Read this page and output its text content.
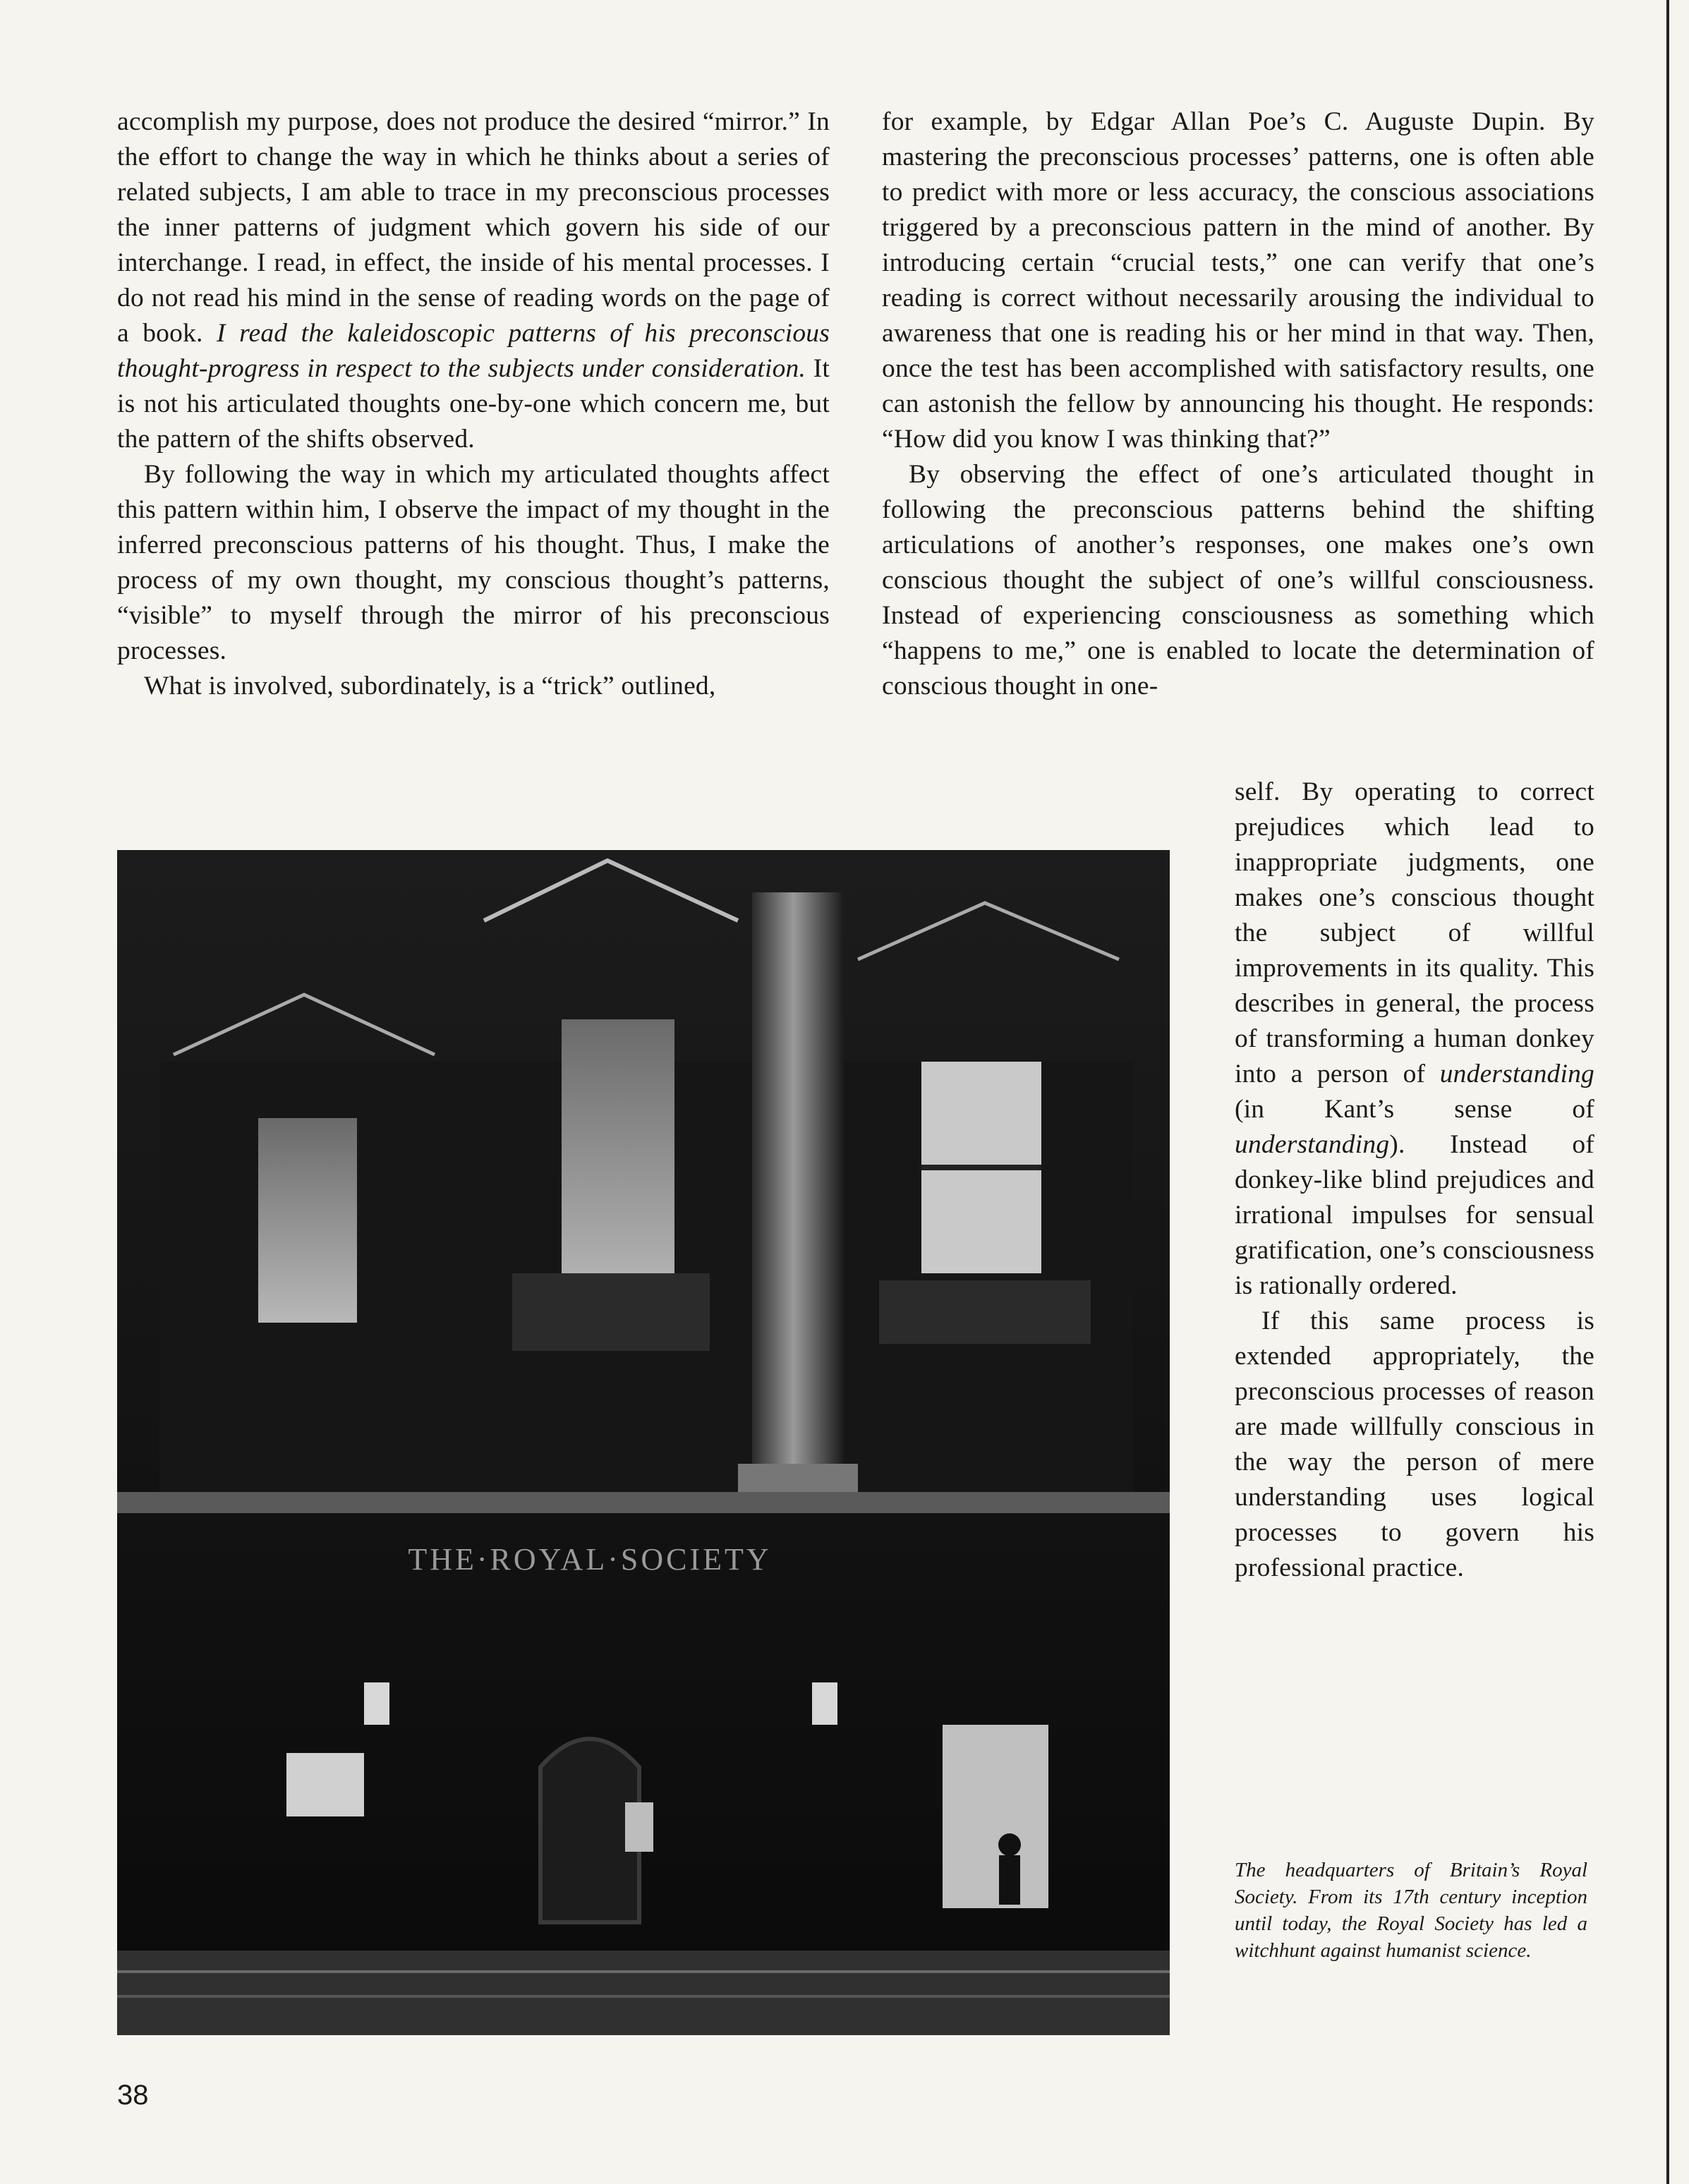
accomplish my purpose, does not produce the desired “mirror.” In the effort to change the way in which he thinks about a series of related subjects, I am able to trace in my preconscious processes the inner patterns of judgment which govern his side of our interchange. I read, in effect, the inside of his mental processes. I do not read his mind in the sense of reading words on the page of a book. I read the kaleidoscopic patterns of his preconscious thought-progress in respect to the subjects under consideration. It is not his articulated thoughts one-by-one which concern me, but the pattern of the shifts observed.

By following the way in which my articulated thoughts affect this pattern within him, I observe the impact of my thought in the inferred preconscious patterns of his thought. Thus, I make the process of my own thought, my conscious thought’s patterns, “visible” to myself through the mirror of his preconscious processes.

What is involved, subordinately, is a “trick” outlined,

for example, by Edgar Allan Poe’s C. Auguste Dupin. By mastering the preconscious processes’ patterns, one is often able to predict with more or less accuracy, the conscious associations triggered by a preconscious pattern in the mind of another. By introducing certain “crucial tests,” one can verify that one’s reading is correct without necessarily arousing the individual to awareness that one is reading his or her mind in that way. Then, once the test has been accomplished with satisfactory results, one can astonish the fellow by announcing his thought. He responds: “How did you know I was thinking that?”

By observing the effect of one’s articulated thought in following the preconscious patterns behind the shifting articulations of another’s responses, one makes one’s own conscious thought the subject of one’s willful consciousness. Instead of experiencing consciousness as something which “happens to me,” one is enabled to locate the determination of conscious thought in one-

self. By operating to correct prejudices which lead to inappropriate judgments, one makes one’s conscious thought the subject of willful improvements in its quality. This describes in general, the process of transforming a human donkey into a person of understanding (in Kant’s sense of understanding). Instead of donkey-like blind prejudices and irrational impulses for sensual gratification, one’s consciousness is rationally ordered.

If this same process is extended appropriately, the preconscious processes of reason are made willfully conscious in the way the person of mere understanding uses logical processes to govern his professional practice.

THE·ROYAL·SOCIETY
The headquarters of Britain’s Royal Society. From its 17th century inception until today, the Royal Society has led a witchhunt against humanist science.
38
